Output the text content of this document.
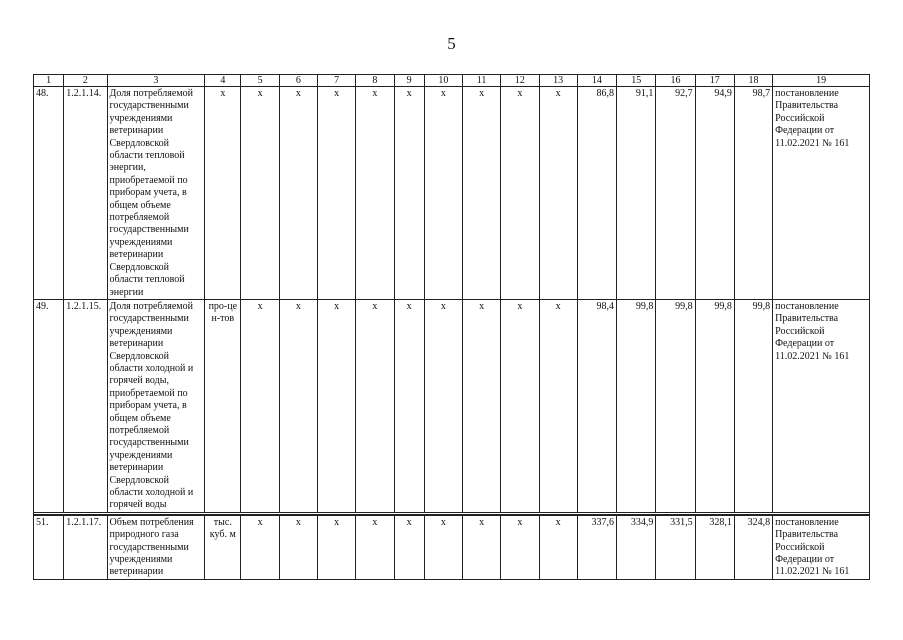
5
1	2	3	4	5	6	7	8	9	10	11	12	13	14	15	16	17	18	19
48.	1.2.1.14.	Доля потребляемой государственными учреждениями ветеринарии Свердловской области тепловой энергии, приобретаемой по приборам учета, в общем объеме потребляемой государственными учреждениями ветеринарии Свердловской области тепловой энергии	x	x	x	x	x	x	x	x	x	x	86,8	91,1	92,7	94,9	98,7	постановление Правительства Российской Федерации от 11.02.2021 № 161
49.	1.2.1.15.	Доля потребляемой государственными учреждениями ветеринарии Свердловской области холодной и горячей воды, приобретаемой по приборам учета, в общем объеме потребляемой государственными учреждениями ветеринарии Свердловской области холодной и горячей воды	про-цен-тов	x	x	x	x	x	x	x	x	x	98,4	99,8	99,8	99,8	99,8	постановление Правительства Российской Федерации от 11.02.2021 № 161

51.	1.2.1.17.	Объем потребления природного газа государственными учреждениями ветеринарии	тыс. куб. м	x	x	x	x	x	x	x	x	x	337,6	334,9	331,5	328,1	324,8	постановление Правительства Российской Федерации от 11.02.2021 № 161
